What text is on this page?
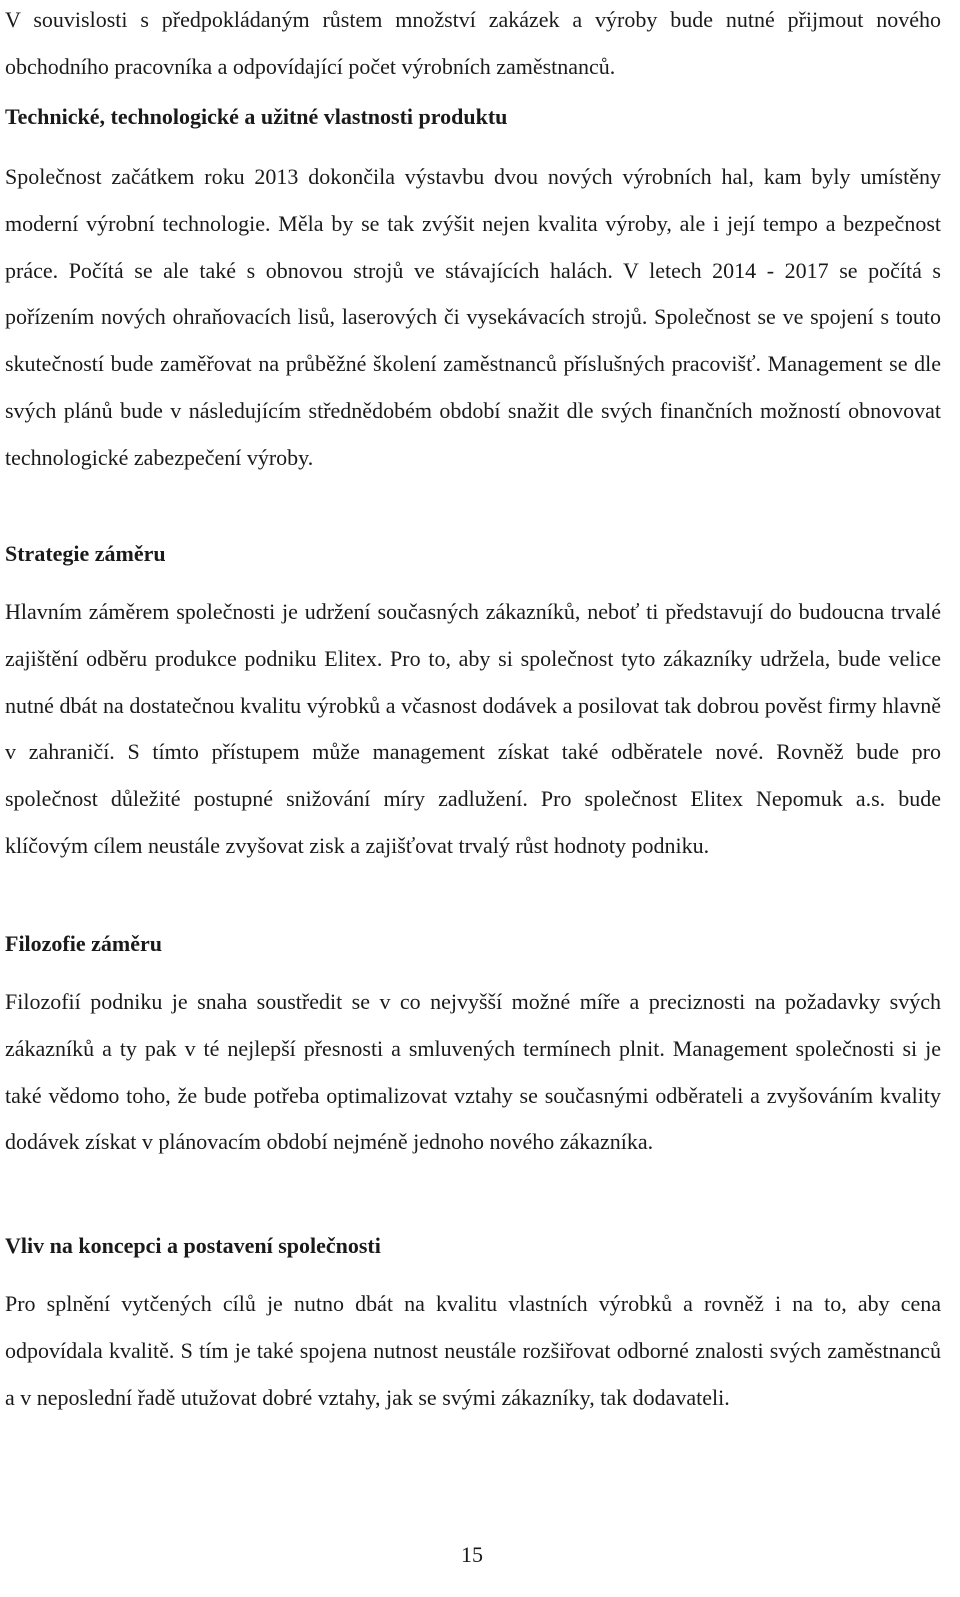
V souvislosti s předpokládaným růstem množství zakázek a výroby bude nutné přijmout nového obchodního pracovníka a odpovídající počet výrobních zaměstnanců.

Technické, technologické a užitné vlastnosti produktu

Společnost začátkem roku 2013 dokončila výstavbu dvou nových výrobních hal, kam byly umístěny moderní výrobní technologie. Měla by se tak zvýšit nejen kvalita výroby, ale i její tempo a bezpečnost práce. Počítá se ale také s obnovou strojů ve stávajících halách. V letech 2014 - 2017 se počítá s pořízením nových ohraňovacích lisů, laserových či vysekávacích strojů. Společnost se ve spojení s touto skutečností bude zaměřovat na průběžné školení zaměstnanců příslušných pracovišť. Management se dle svých plánů bude v následujícím střednědobém období snažit dle svých finančních možností obnovovat technologické zabezpečení výroby.

Strategie záměru

Hlavním záměrem společnosti je udržení současných zákazníků, neboť ti představují do budoucna trvalé zajištění odběru produkce podniku Elitex. Pro to, aby si společnost tyto zákazníky udržela, bude velice nutné dbát na dostatečnou kvalitu výrobků a včasnost dodávek a posilovat tak dobrou pověst firmy hlavně v zahraničí. S tímto přístupem může management získat také odběratele nové. Rovněž bude pro společnost důležité postupné snižování míry zadlužení. Pro společnost Elitex Nepomuk a.s. bude klíčovým cílem neustále zvyšovat zisk a zajišťovat trvalý růst hodnoty podniku.

Filozofie záměru

Filozofií podniku je snaha soustředit se v co nejvyšší možné míře a preciznosti na požadavky svých zákazníků a ty pak v té nejlepší přesnosti a smluvených termínech plnit. Management společnosti si je také vědomo toho, že bude potřeba optimalizovat vztahy se současnými odběrateli a zvyšováním kvality dodávek získat v plánovacím období nejméně jednoho nového zákazníka.

Vliv na koncepci a postavení společnosti

Pro splnění vytčených cílů je nutno dbát na kvalitu vlastních výrobků a rovněž i na to, aby cena odpovídala kvalitě. S tím je také spojena nutnost neustále rozšiřovat odborné znalosti svých zaměstnanců a v neposlední řadě utužovat dobré vztahy, jak se svými zákazníky, tak dodavateli.

15
